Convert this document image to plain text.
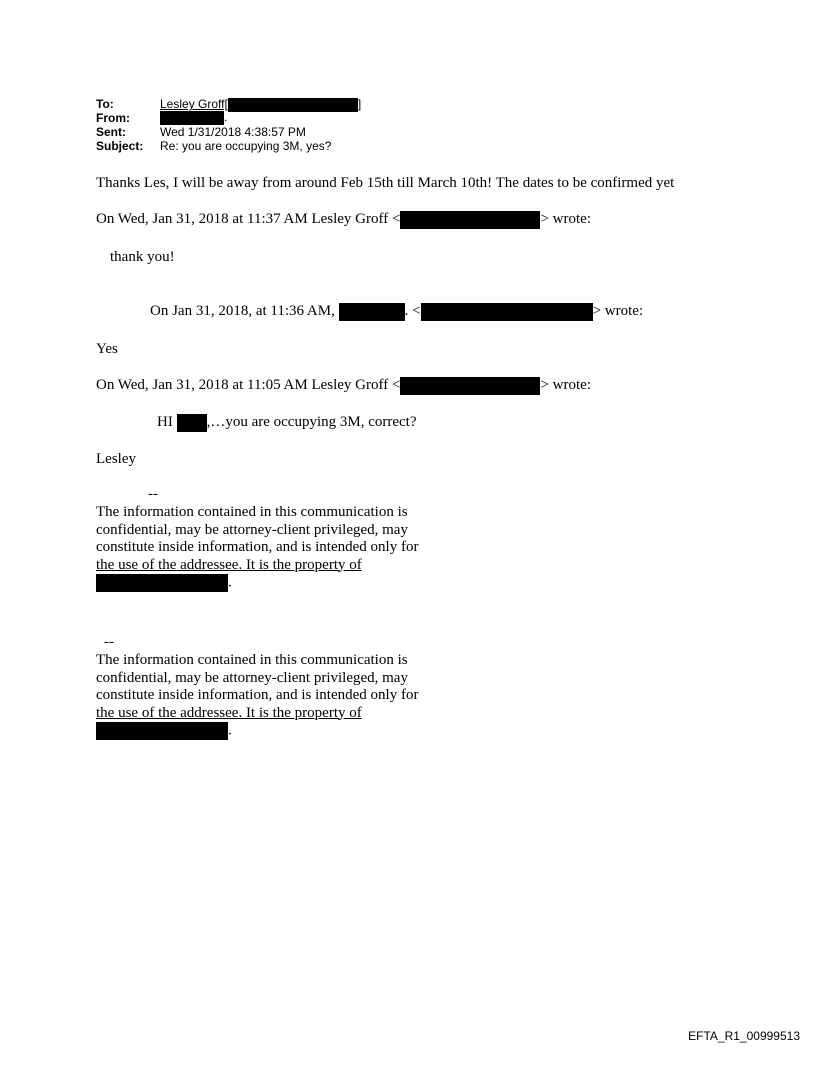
To:	Lesley Groff[	]
From:	.
Sent:	Wed 1/31/2018 4:38:57 PM
Subject: Re: you are occupying 3M, yes?
Thanks Les, I will be away from around Feb 15th till March 10th! The dates to be confirmed yet
On Wed, Jan 31, 2018 at 11:37 AM Lesley Groff <	> wrote:
thank you!
On Jan 31, 2018, at 11:36 AM,	. <	> wrote:
Yes
On Wed, Jan 31, 2018 at 11:05 AM Lesley Groff <	> wrote:
HI ,…you are occupying 3M, correct?
Lesley
--
The information contained in this communication is
confidential, may be attorney-client privileged, may
constitute inside information, and is intended only for
the use of the addressee. It is the property of
.
--
The information contained in this communication is
confidential, may be attorney-client privileged, may
constitute inside information, and is intended only for
the use of the addressee. It is the property of
.
EFTA_R1_00999513
